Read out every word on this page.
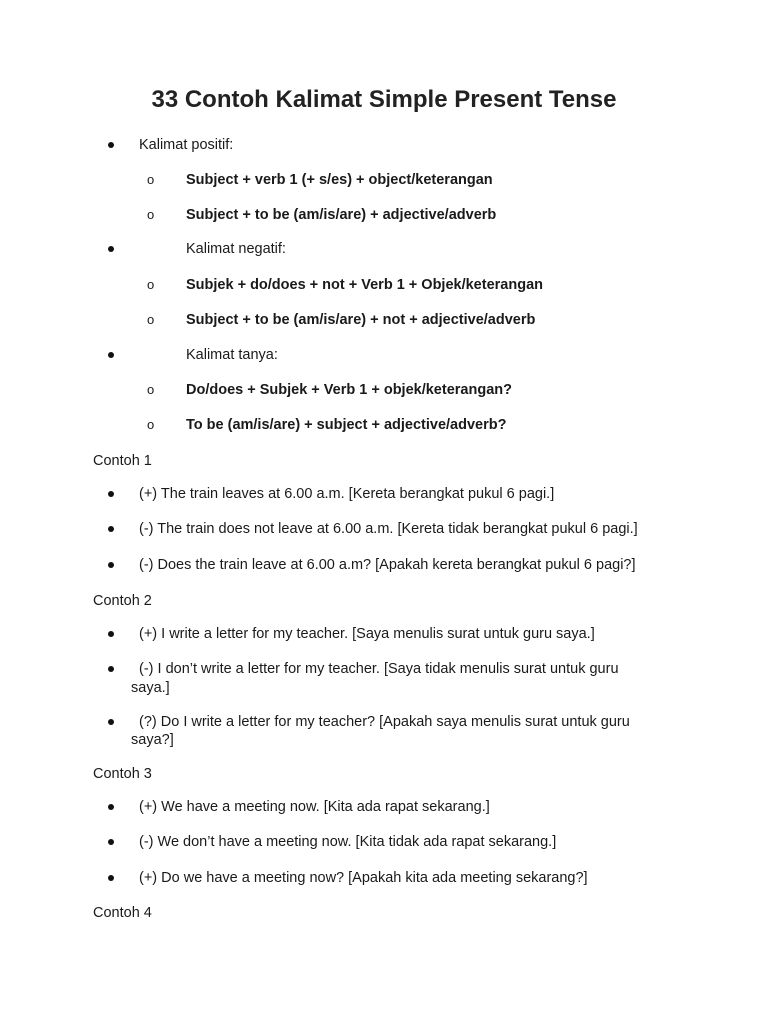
33 Contoh Kalimat Simple Present Tense
Kalimat positif:
o Subject + verb 1 (+ s/es) + object/keterangan
o Subject + to be (am/is/are) + adjective/adverb
Kalimat negatif:
o Subjek + do/does + not + Verb 1 + Objek/keterangan
o Subject + to be (am/is/are) + not + adjective/adverb
Kalimat tanya:
o Do/does + Subjek + Verb 1 + objek/keterangan?
o To be (am/is/are) + subject + adjective/adverb?
Contoh 1
(+) The train leaves at 6.00 a.m. [Kereta berangkat pukul 6 pagi.]
(-) The train does not leave at 6.00 a.m. [Kereta tidak berangkat pukul 6 pagi.]
(-) Does the train leave at 6.00 a.m? [Apakah kereta berangkat pukul 6 pagi?]
Contoh 2
(+) I write a letter for my teacher. [Saya menulis surat untuk guru saya.]
(-) I don’t write a letter for my teacher. [Saya tidak menulis surat untuk guru
saya.]
(?) Do I write a letter for my teacher? [Apakah saya menulis surat untuk guru
saya?]
Contoh 3
(+) We have a meeting now. [Kita ada rapat sekarang.]
(-) We don’t have a meeting now. [Kita tidak ada rapat sekarang.]
(+) Do we have a meeting now? [Apakah kita ada meeting sekarang?]
Contoh 4
